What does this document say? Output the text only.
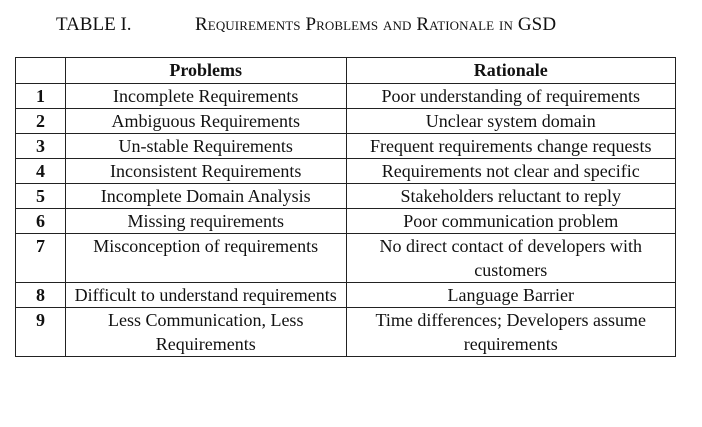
TABLE I.	Requirements Problems and Rationale in GSD
	Problems	Rationale
1	Incomplete Requirements	Poor understanding of requirements
2	Ambiguous Requirements	Unclear system domain
3	Un-stable Requirements	Frequent requirements change requests
4	Inconsistent Requirements	Requirements not clear and specific
5	Incomplete Domain Analysis	Stakeholders reluctant to reply
6	Missing requirements	Poor communication problem
7	Misconception of requirements	No direct contact of developers with customers
8	Difficult to understand requirements	Language Barrier
9	Less Communication, Less Requirements	Time differences; Developers assume requirements
